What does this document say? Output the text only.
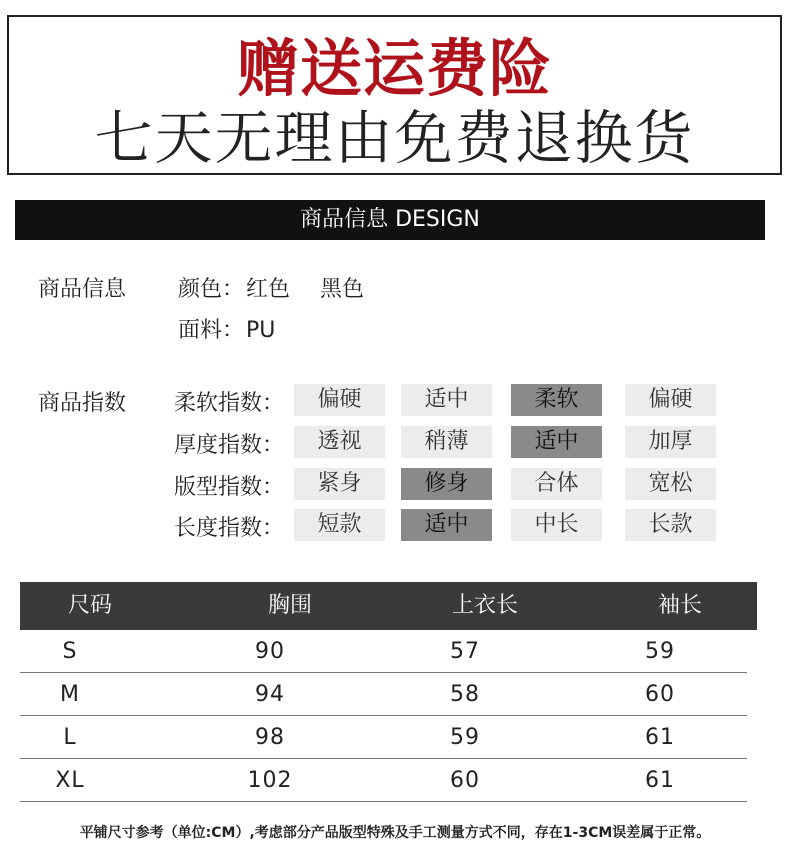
赠送运费险
七天无理由免费退换货
商品信息 DESIGN
商品信息 颜色：红色 黑色
面料：PU
商品指数 柔软指数：	偏硬	适中	柔软	偏硬
厚度指数：	透视	稍薄	适中	加厚
版型指数：	紧身	修身	合体	宽松
长度指数：	短款	适中	中长	长款
尺码	胸围	上衣长	袖长
S	90	57	59
M	94	58	60
L	98	59	61
XL	102	60	61
平铺尺寸参考（单位:CM）,考虑部分产品版型特殊及手工测量方式不同，存在1-3CM误差属于正常。
